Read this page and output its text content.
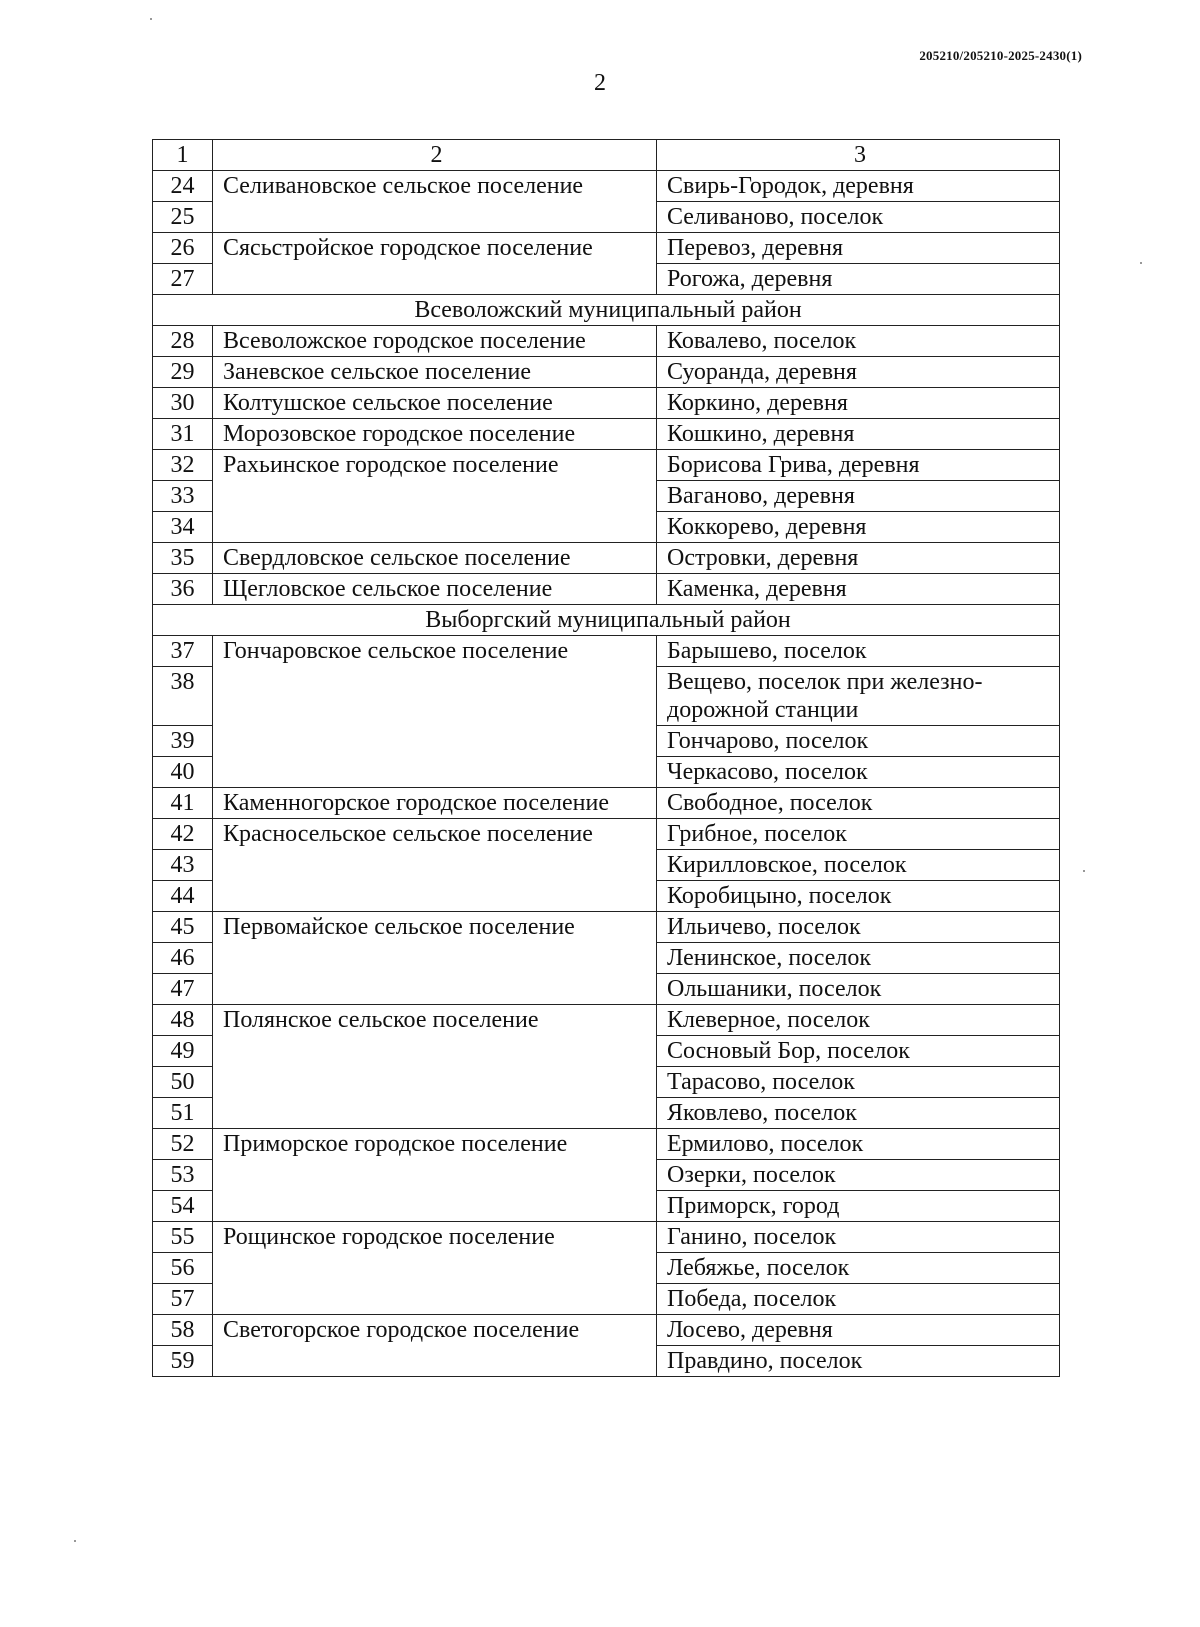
205210/205210-2025-2430(1)
2
1	2	3
24	Селивановское сельское поселение	Свирь-Городок, деревня
25		Селиваново, поселок
26	Сясьстройское городское поселение	Перевоз, деревня
27		Рогожа, деревня
Всеволожский муниципальный район		
28	Всеволожское городское поселение	Ковалево, поселок
29	Заневское сельское поселение	Суоранда, деревня
30	Колтушское сельское поселение	Коркино, деревня
31	Морозовское городское поселение	Кошкино, деревня
32	Рахьинское городское поселение	Борисова Грива, деревня
33		Ваганово, деревня
34		Коккорево, деревня
35	Свердловское сельское поселение	Островки, деревня
36	Щегловское сельское поселение	Каменка, деревня
Выборгский муниципальный район		
37	Гончаровское сельское поселение	Барышево, поселок
38		Вещево, поселок при железно-дорожной станции
39		Гончарово, поселок
40		Черкасово, поселок
41	Каменногорское городское поселение	Свободное, поселок
42	Красносельское сельское поселение	Грибное, поселок
43		Кирилловское, поселок
44		Коробицыно, поселок
45	Первомайское сельское поселение	Ильичево, поселок
46		Ленинское, поселок
47		Ольшаники, поселок
48	Полянское сельское поселение	Клеверное, поселок
49		Сосновый Бор, поселок
50		Тарасово, поселок
51		Яковлево, поселок
52	Приморское городское поселение	Ермилово, поселок
53		Озерки, поселок
54		Приморск, город
55	Рощинское городское поселение	Ганино, поселок
56		Лебяжье, поселок
57		Победа, поселок
58	Светогорское городское поселение	Лосево, деревня
59		Правдино, поселок
